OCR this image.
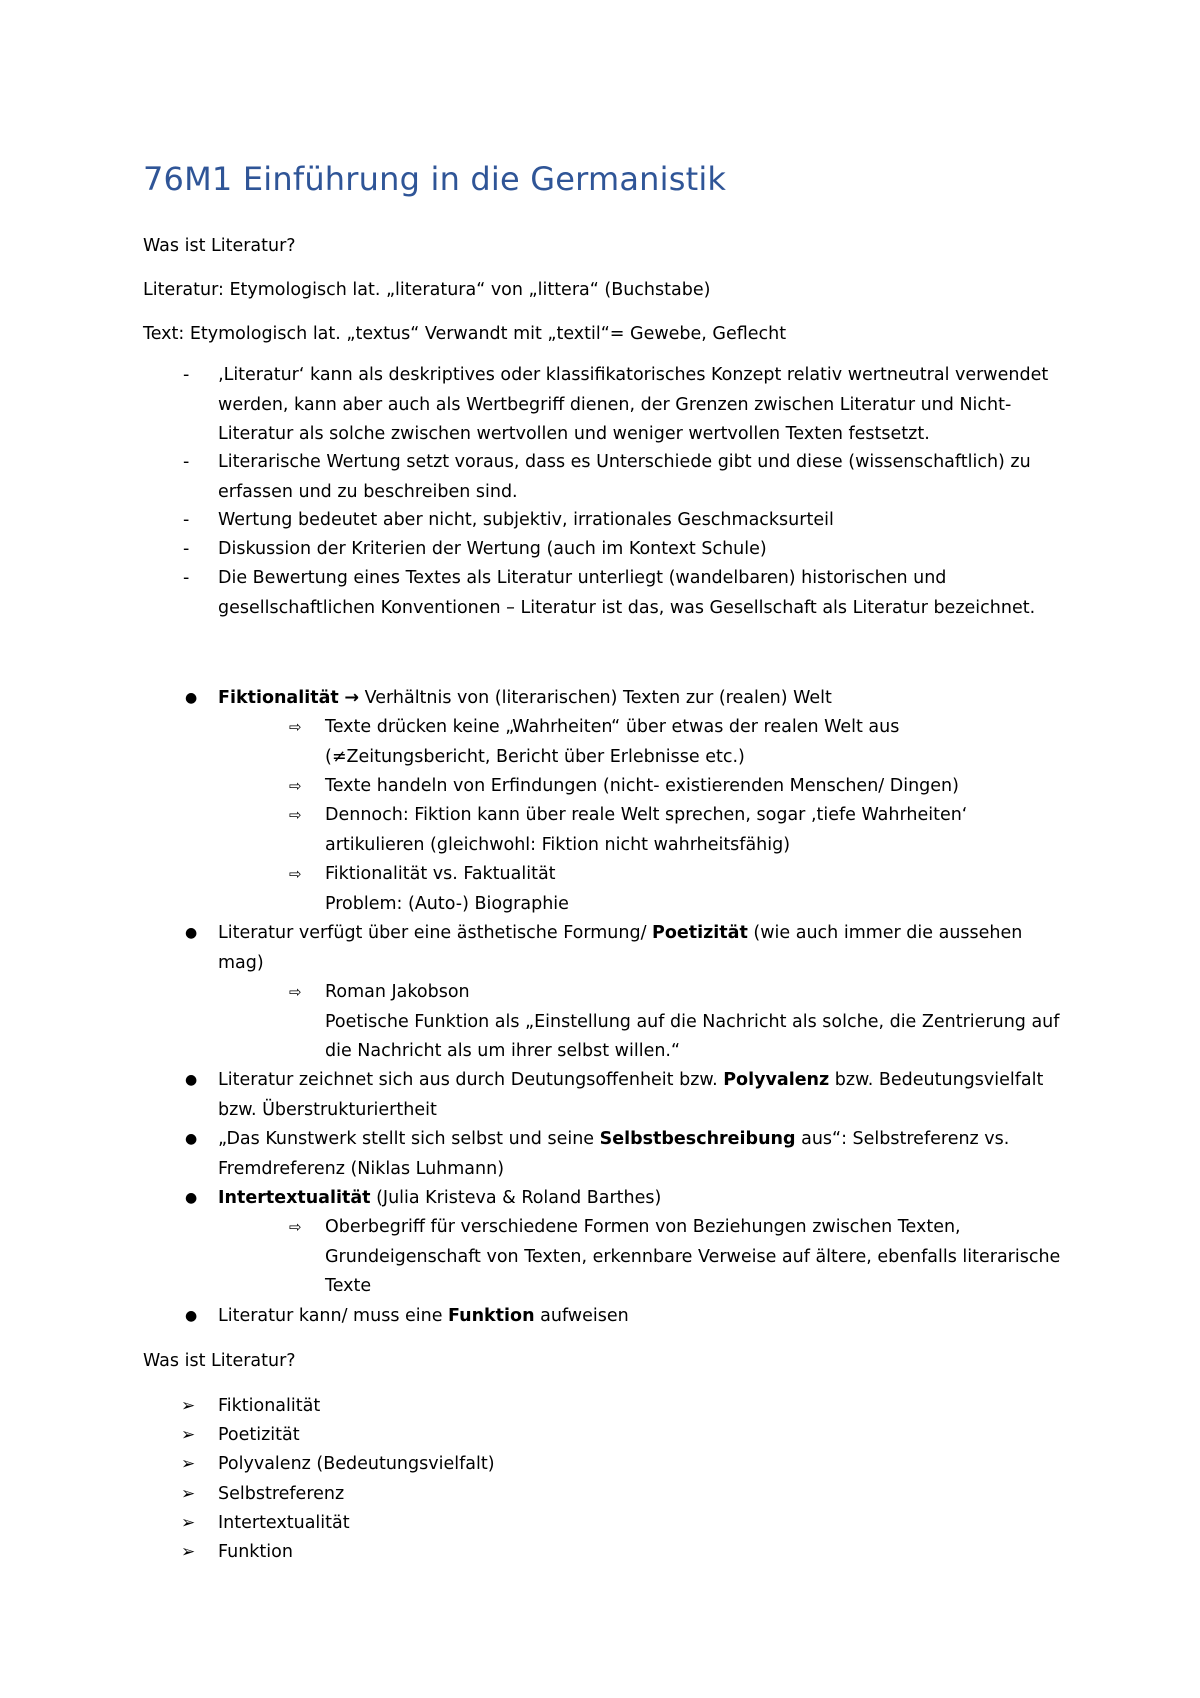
76M1 Einführung in die Germanistik
Was ist Literatur?
Literatur: Etymologisch lat. „literatura“ von „littera“ (Buchstabe)
Text: Etymologisch lat. „textus“ Verwandt mit „textil“= Gewebe, Geflecht
- ‚Literatur‘ kann als deskriptives oder klassifikatorisches Konzept relativ wertneutral verwendet werden, kann aber auch als Wertbegriff dienen, der Grenzen zwischen Literatur und Nicht- Literatur als solche zwischen wertvollen und weniger wertvollen Texten festsetzt.
- Literarische Wertung setzt voraus, dass es Unterschiede gibt und diese (wissenschaftlich) zu erfassen und zu beschreiben sind.
- Wertung bedeutet aber nicht, subjektiv, irrationales Geschmacksurteil
- Diskussion der Kriterien der Wertung (auch im Kontext Schule)
- Die Bewertung eines Textes als Literatur unterliegt (wandelbaren) historischen und gesellschaftlichen Konventionen – Literatur ist das, was Gesellschaft als Literatur bezeichnet.
● Fiktionalität → Verhältnis von (literarischen) Texten zur (realen) Welt
⇨ Texte drücken keine „Wahrheiten“ über etwas der realen Welt aus (≠Zeitungsbericht, Bericht über Erlebnisse etc.)
⇨ Texte handeln von Erfindungen (nicht- existierenden Menschen/ Dingen)
⇨ Dennoch: Fiktion kann über reale Welt sprechen, sogar ‚tiefe Wahrheiten‘ artikulieren (gleichwohl: Fiktion nicht wahrheitsfähig)
⇨ Fiktionalität vs. Faktualität
Problem: (Auto-) Biographie
● Literatur verfügt über eine ästhetische Formung/ Poetizität (wie auch immer die aussehen mag)
⇨ Roman Jakobson
Poetische Funktion als „Einstellung auf die Nachricht als solche, die Zentrierung auf die Nachricht als um ihrer selbst willen.“
● Literatur zeichnet sich aus durch Deutungsoffenheit bzw. Polyvalenz bzw. Bedeutungsvielfalt bzw. Überstrukturiertheit
● „Das Kunstwerk stellt sich selbst und seine Selbstbeschreibung aus“: Selbstreferenz vs. Fremdreferenz (Niklas Luhmann)
● Intertextualität (Julia Kristeva & Roland Barthes)
⇨ Oberbegriff für verschiedene Formen von Beziehungen zwischen Texten, Grundeigenschaft von Texten, erkennbare Verweise auf ältere, ebenfalls literarische Texte
● Literatur kann/ muss eine Funktion aufweisen
Was ist Literatur?
➢ Fiktionalität
➢ Poetizität
➢ Polyvalenz (Bedeutungsvielfalt)
➢ Selbstreferenz
➢ Intertextualität
➢ Funktion
